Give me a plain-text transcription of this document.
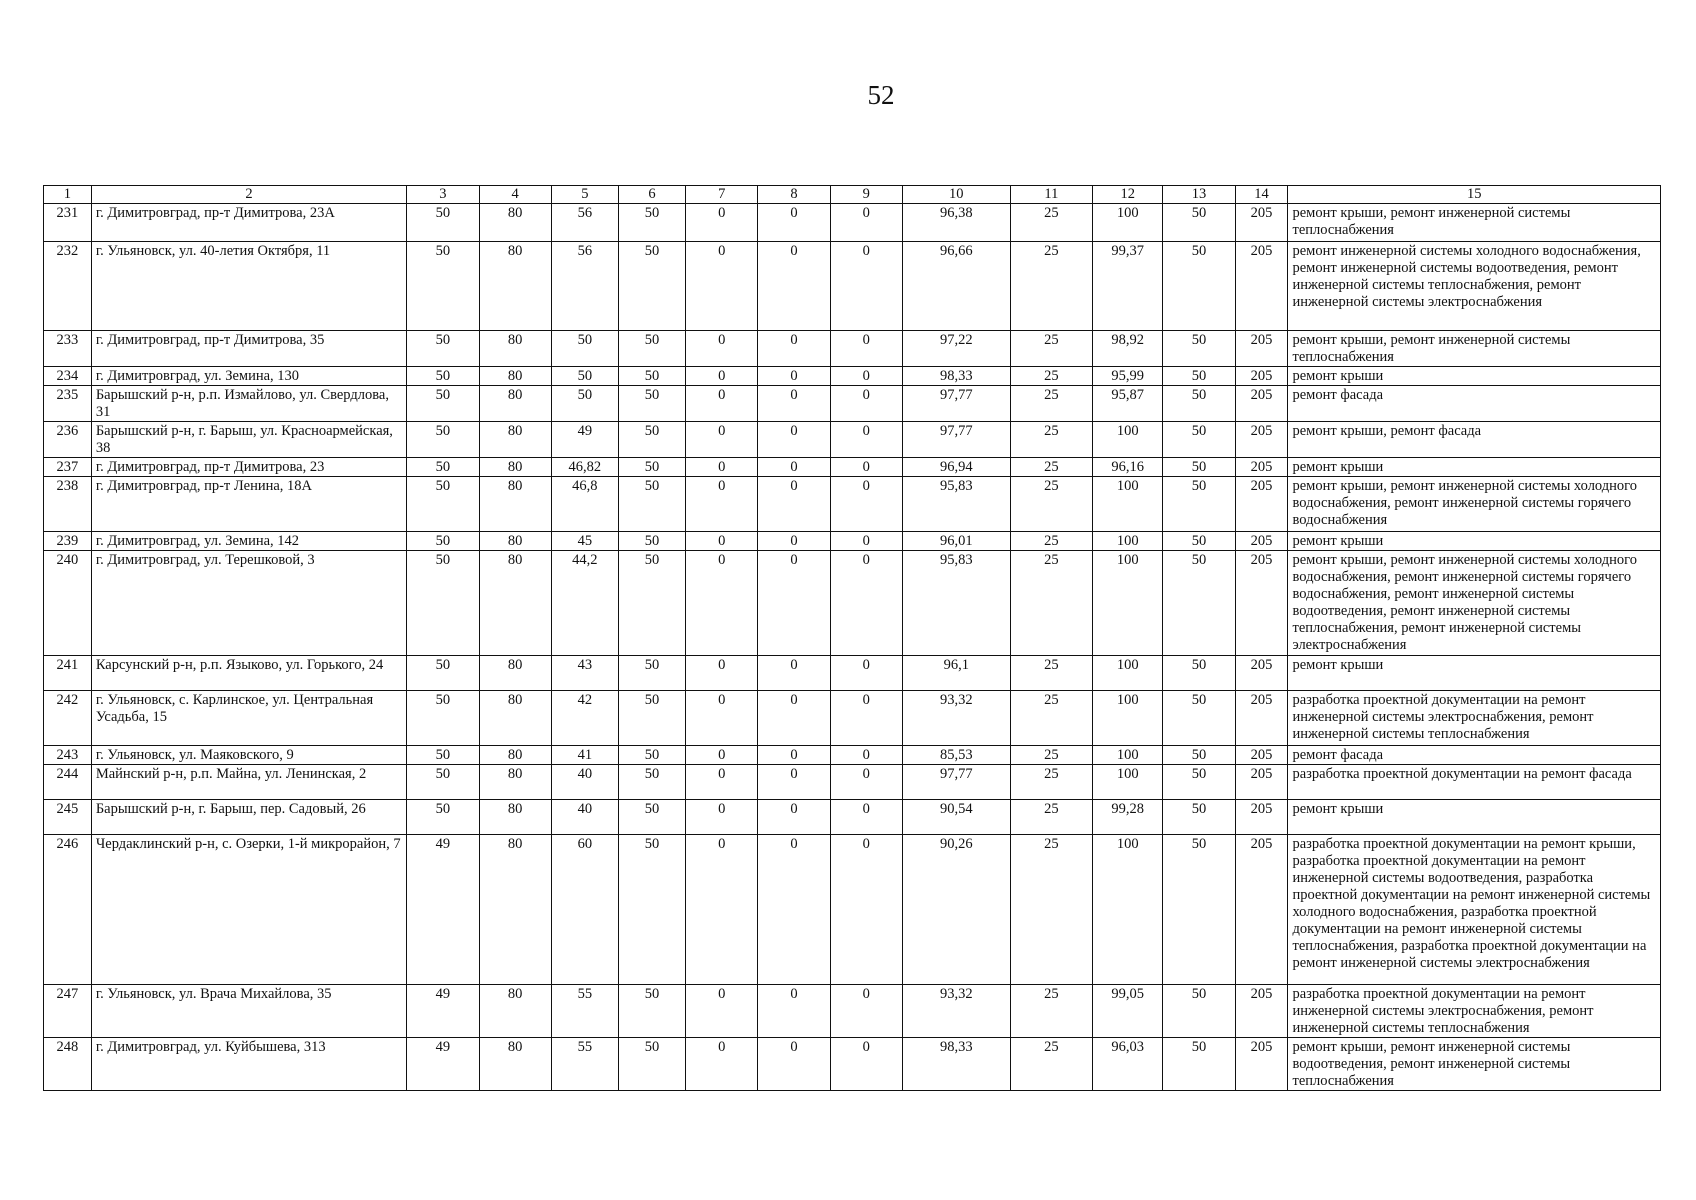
52
1	2	3	4	5	6	7	8	9	10	11	12	13	14	15
231	г. Димитровград, пр-т Димитрова, 23А	50	80	56	50	0	0	0	96,38	25	100	50	205	ремонт крыши, ремонт инженерной системы теплоснабжения
232	г. Ульяновск, ул. 40-летия Октября, 11	50	80	56	50	0	0	0	96,66	25	99,37	50	205	ремонт инженерной системы холодного водоснабжения, ремонт инженерной системы водоотведения, ремонт инженерной системы теплоснабжения, ремонт инженерной системы электроснабжения
233	г. Димитровград, пр-т Димитрова, 35	50	80	50	50	0	0	0	97,22	25	98,92	50	205	ремонт крыши, ремонт инженерной системы теплоснабжения
234	г. Димитровград, ул. Земина, 130	50	80	50	50	0	0	0	98,33	25	95,99	50	205	ремонт крыши
235	Барышский р-н, р.п. Измайлово, ул. Свердлова, 31	50	80	50	50	0	0	0	97,77	25	95,87	50	205	ремонт фасада
236	Барышский р-н, г. Барыш, ул. Красноармейская, 38	50	80	49	50	0	0	0	97,77	25	100	50	205	ремонт крыши, ремонт фасада
237	г. Димитровград, пр-т Димитрова, 23	50	80	46,82	50	0	0	0	96,94	25	96,16	50	205	ремонт крыши
238	г. Димитровград, пр-т Ленина, 18А	50	80	46,8	50	0	0	0	95,83	25	100	50	205	ремонт крыши, ремонт инженерной системы холодного водоснабжения, ремонт инженерной системы горячего водоснабжения
239	г. Димитровград, ул. Земина, 142	50	80	45	50	0	0	0	96,01	25	100	50	205	ремонт крыши
240	г. Димитровград, ул. Терешковой, 3	50	80	44,2	50	0	0	0	95,83	25	100	50	205	ремонт крыши, ремонт инженерной системы холодного водоснабжения, ремонт инженерной системы горячего водоснабжения, ремонт инженерной системы водоотведения, ремонт инженерной системы теплоснабжения, ремонт инженерной системы электроснабжения
241	Карсунский р-н, р.п. Языково, ул. Горького, 24	50	80	43	50	0	0	0	96,1	25	100	50	205	ремонт крыши
242	г. Ульяновск, с. Карлинское, ул. Центральная Усадьба, 15	50	80	42	50	0	0	0	93,32	25	100	50	205	разработка проектной документации на ремонт инженерной системы электроснабжения, ремонт инженерной системы теплоснабжения
243	г. Ульяновск, ул. Маяковского, 9	50	80	41	50	0	0	0	85,53	25	100	50	205	ремонт фасада
244	Майнский р-н, р.п. Майна, ул. Ленинская, 2	50	80	40	50	0	0	0	97,77	25	100	50	205	разработка проектной документации на ремонт фасада
245	Барышский р-н, г. Барыш, пер. Садовый, 26	50	80	40	50	0	0	0	90,54	25	99,28	50	205	ремонт крыши
246	Чердаклинский р-н, с. Озерки, 1-й микрорайон, 7	49	80	60	50	0	0	0	90,26	25	100	50	205	разработка проектной документации на ремонт крыши, разработка проектной документации на ремонт инженерной системы водоотведения, разработка проектной документации на ремонт инженерной системы холодного водоснабжения, разработка проектной документации на ремонт инженерной системы теплоснабжения, разработка проектной документации на ремонт инженерной системы электроснабжения
247	г. Ульяновск, ул. Врача Михайлова, 35	49	80	55	50	0	0	0	93,32	25	99,05	50	205	разработка проектной документации на ремонт инженерной системы электроснабжения, ремонт инженерной системы теплоснабжения
248	г. Димитровград, ул. Куйбышева, 313	49	80	55	50	0	0	0	98,33	25	96,03	50	205	ремонт крыши, ремонт инженерной системы водоотведения, ремонт инженерной системы теплоснабжения
